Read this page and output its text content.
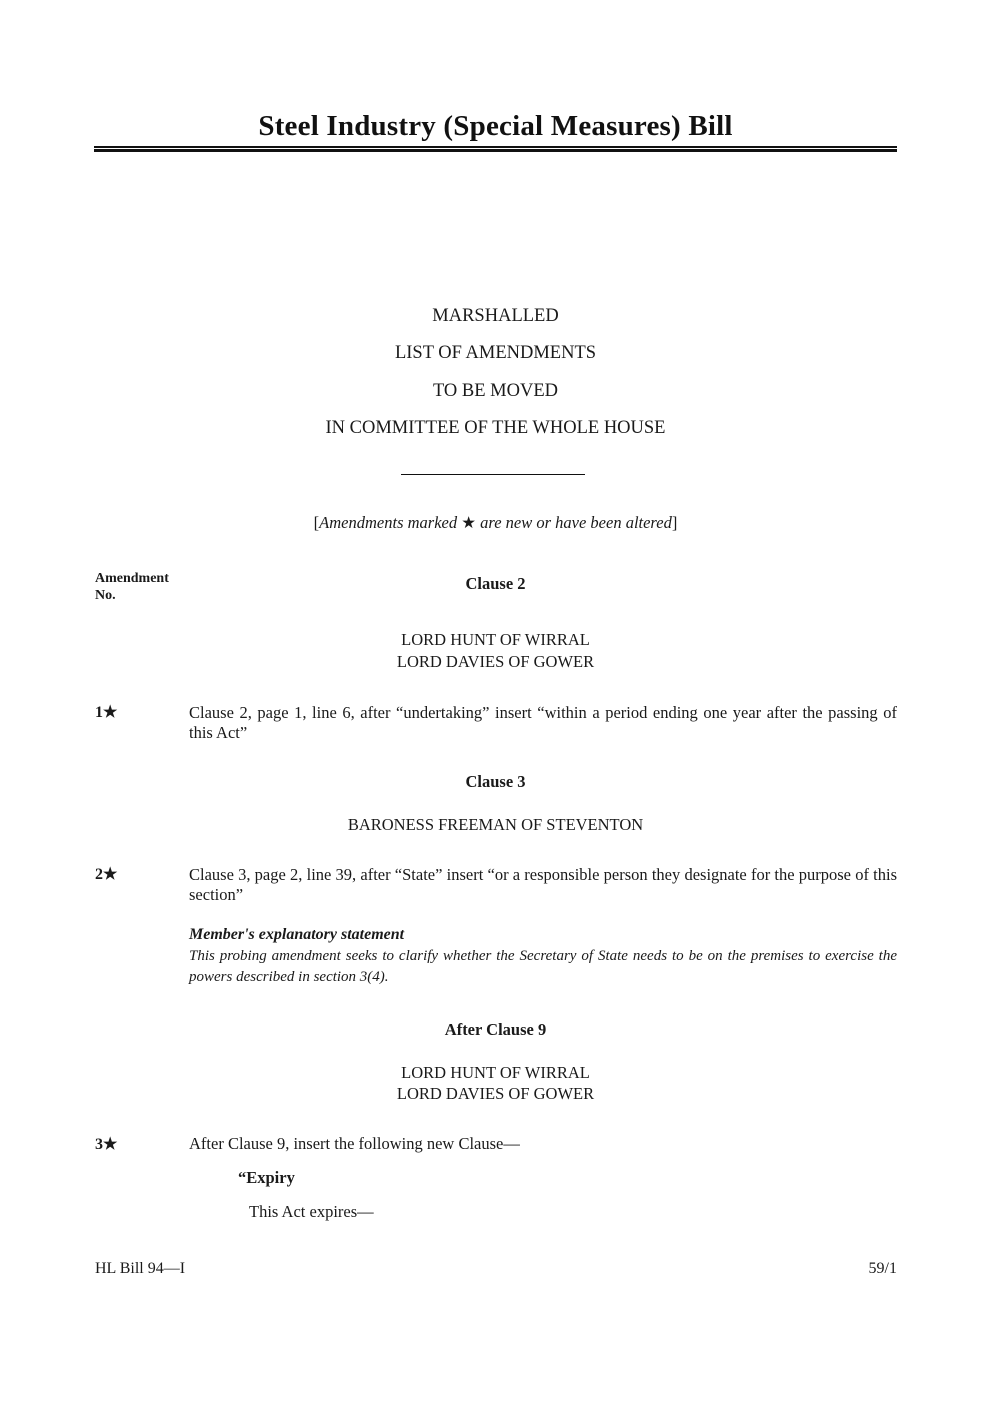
Steel Industry (Special Measures) Bill
MARSHALLED
LIST OF AMENDMENTS
TO BE MOVED
IN COMMITTEE OF THE WHOLE HOUSE
[Amendments marked ★ are new or have been altered]
Amendment
No.
Clause 2
LORD HUNT OF WIRRAL
LORD DAVIES OF GOWER
1★	Clause 2, page 1, line 6, after “undertaking” insert “within a period ending one year after the passing of this Act”
Clause 3
BARONESS FREEMAN OF STEVENTON
2★	Clause 3, page 2, line 39, after “State” insert “or a responsible person they designate for the purpose of this section”
Member's explanatory statement
This probing amendment seeks to clarify whether the Secretary of State needs to be on the premises to exercise the powers described in section 3(4).
After Clause 9
LORD HUNT OF WIRRAL
LORD DAVIES OF GOWER
3★	After Clause 9, insert the following new Clause—
“Expiry
This Act expires—
HL Bill 94—I	59/1
